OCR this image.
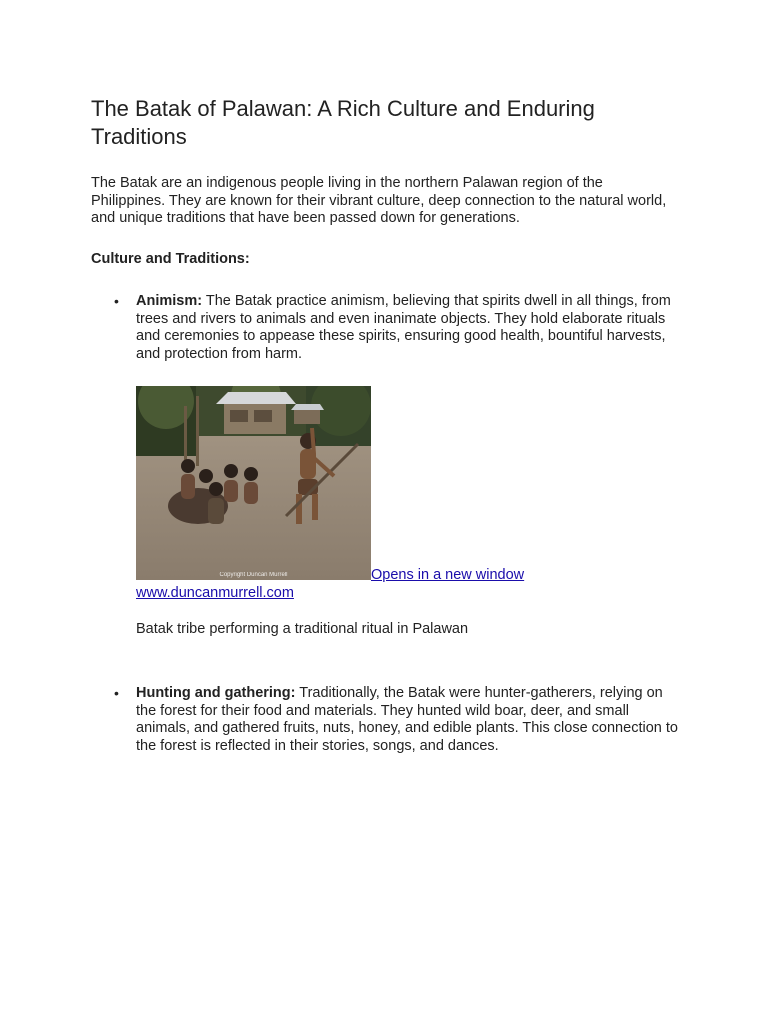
The Batak of Palawan: A Rich Culture and Enduring Traditions

The Batak are an indigenous people living in the northern Palawan region of the Philippines. They are known for their vibrant culture, deep connection to the natural world, and unique traditions that have been passed down for generations.

Culture and Traditions:

• Animism: The Batak practice animism, believing that spirits dwell in all things, from trees and rivers to animals and even inanimate objects. They hold elaborate rituals and ceremonies to appease these spirits, ensuring good health, bountiful harvests, and protection from harm.
Copyright Duncan Murrell	Opens in a new window
www.duncanmurrell.com

Batak tribe performing a traditional ritual in Palawan

• Hunting and gathering: Traditionally, the Batak were hunter-gatherers, relying on the forest for their food and materials. They hunted wild boar, deer, and small animals, and gathered fruits, nuts, honey, and edible plants. This close connection to the forest is reflected in their stories, songs, and dances.
